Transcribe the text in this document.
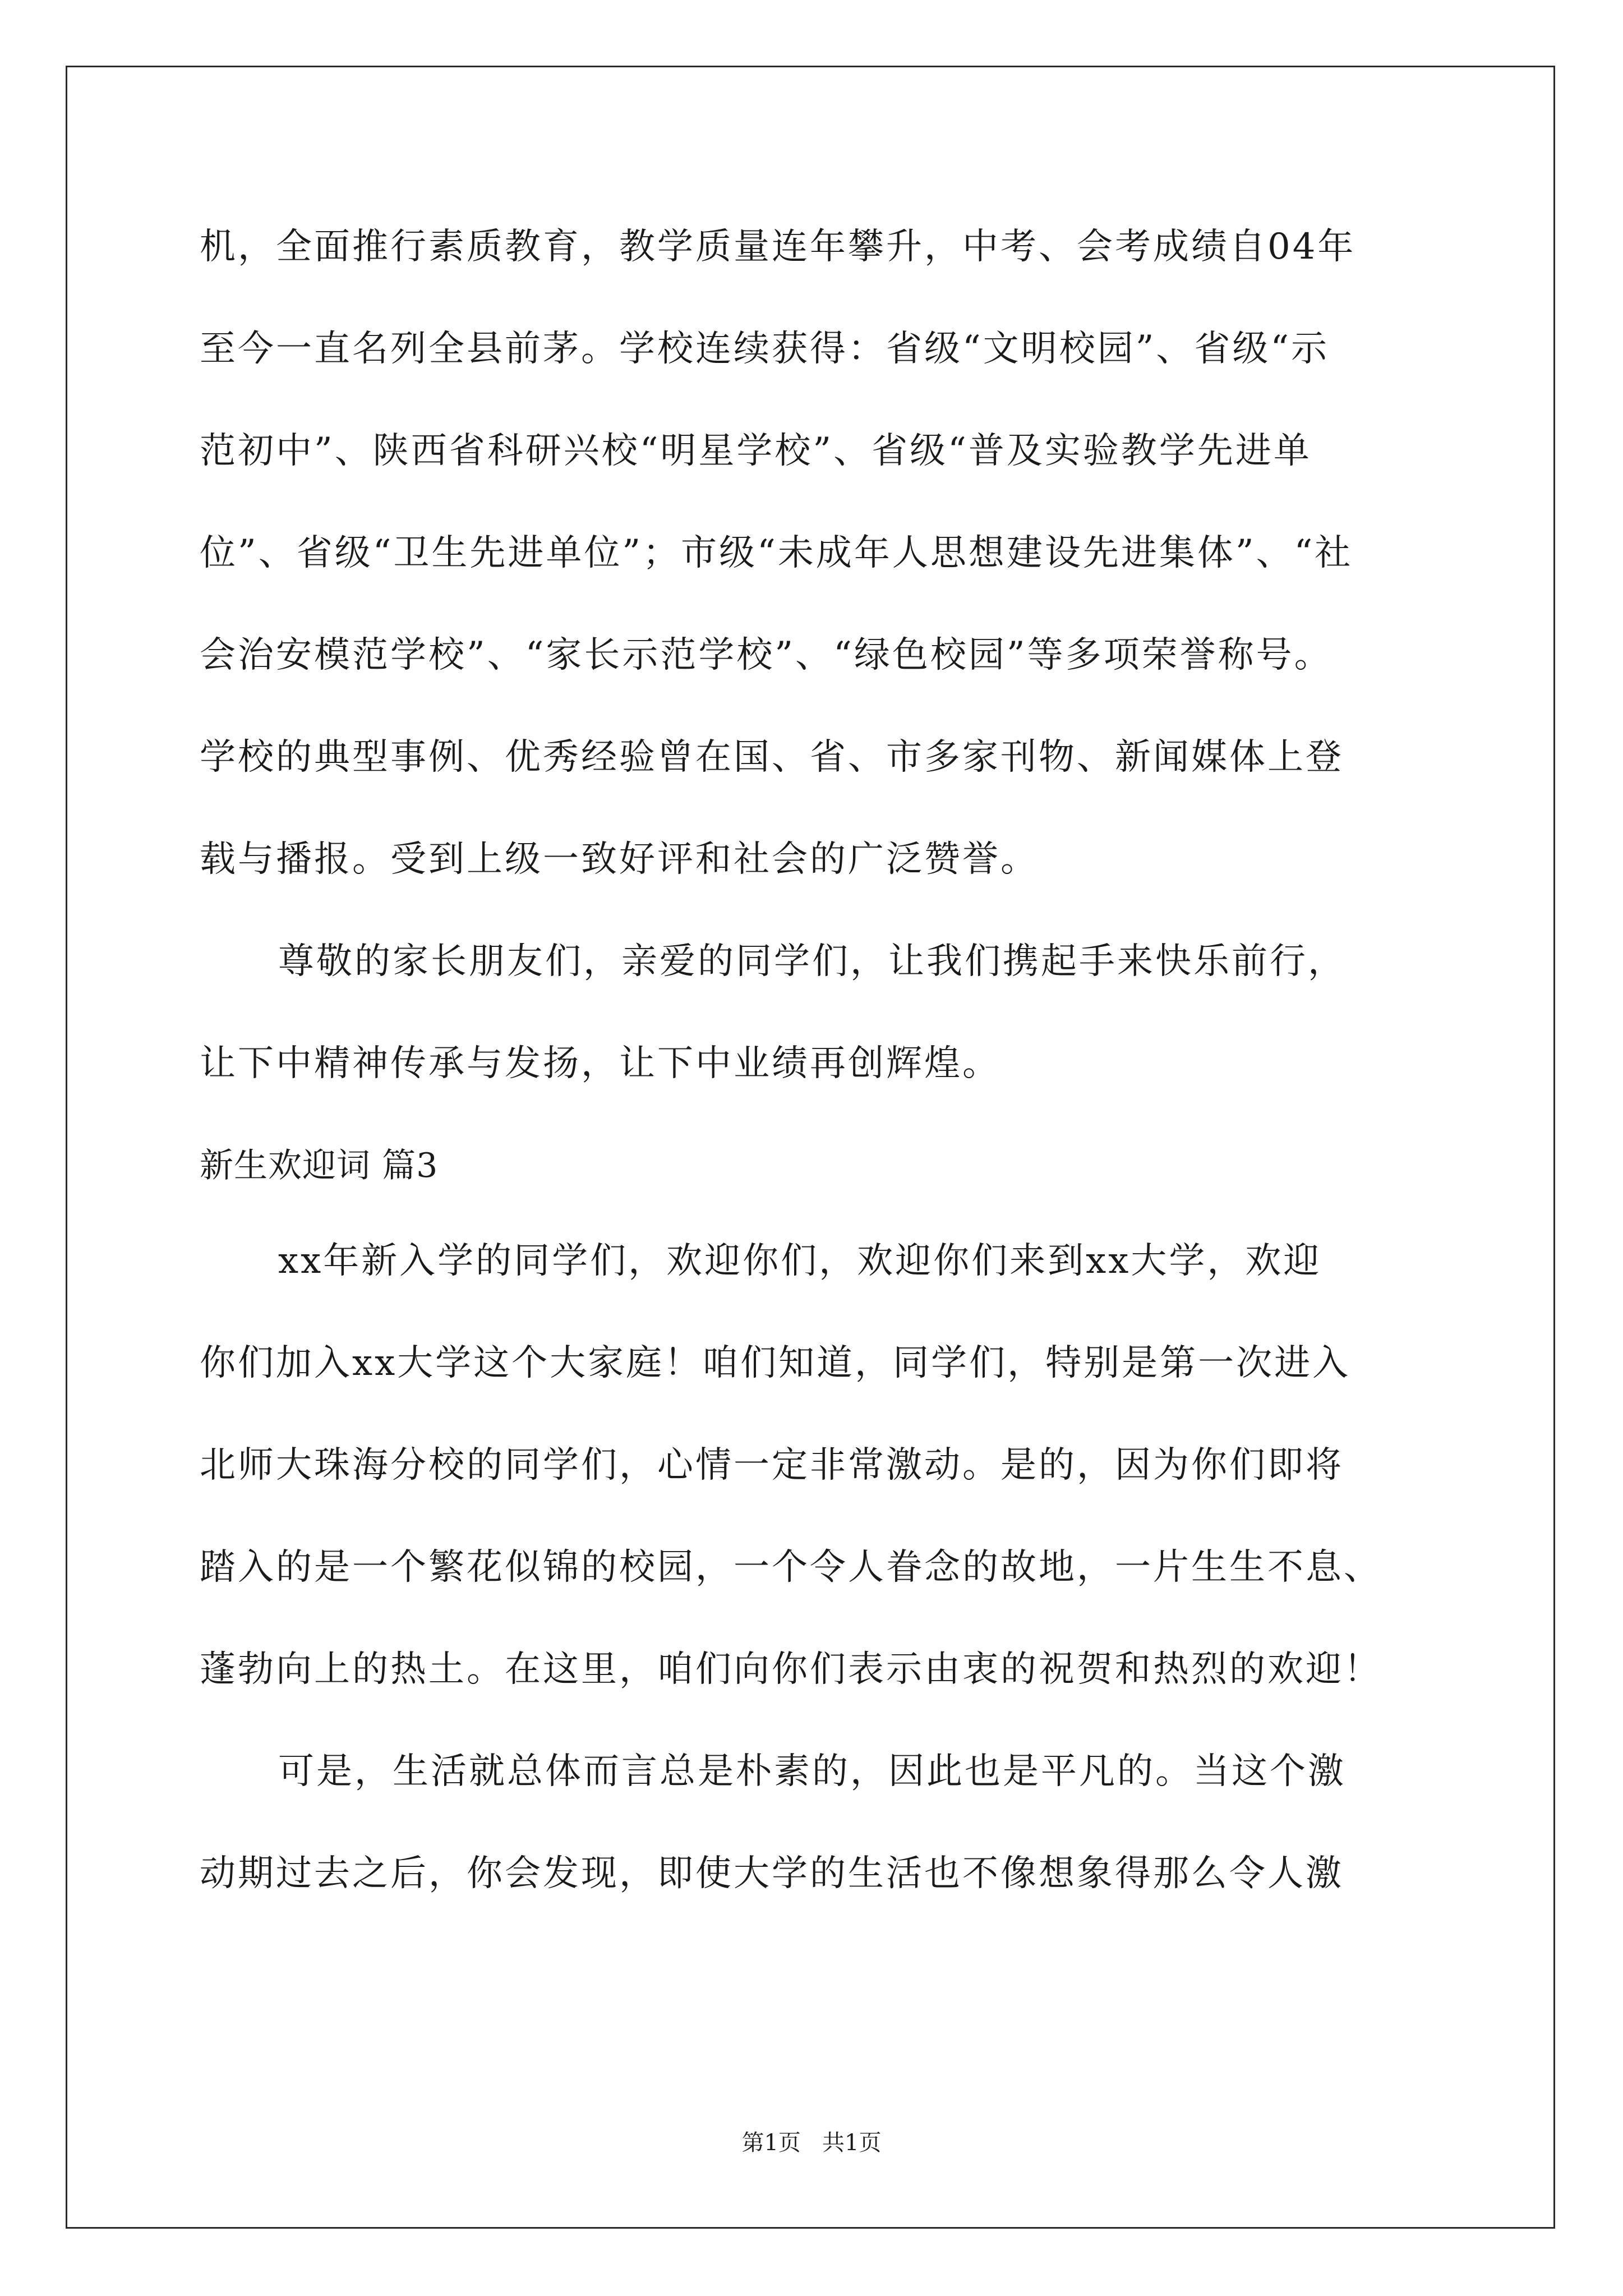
机，全面推行素质教育，教学质量连年攀升，中考、会考成绩自04年
至今一直名列全县前茅。学校连续获得：省级“文明校园”、省级“示
范初中”、陕西省科研兴校“明星学校”、省级“普及实验教学先进单
位”、省级“卫生先进单位”；市级“未成年人思想建设先进集体”、“社
会治安模范学校”、“家长示范学校”、“绿色校园”等多项荣誉称号。
学校的典型事例、优秀经验曾在国、省、市多家刊物、新闻媒体上登
载与播报。受到上级一致好评和社会的广泛赞誉。
尊敬的家长朋友们，亲爱的同学们，让我们携起手来快乐前行，
让下中精神传承与发扬，让下中业绩再创辉煌。
新生欢迎词 篇3
xx年新入学的同学们，欢迎你们，欢迎你们来到xx大学，欢迎
你们加入xx大学这个大家庭！咱们知道，同学们，特别是第一次进入
北师大珠海分校的同学们，心情一定非常激动。是的，因为你们即将
踏入的是一个繁花似锦的校园，一个令人眷念的故地，一片生生不息、
蓬勃向上的热土。在这里，咱们向你们表示由衷的祝贺和热烈的欢迎！
可是，生活就总体而言总是朴素的，因此也是平凡的。当这个激
动期过去之后，你会发现，即使大学的生活也不像想象得那么令人激
第1页   共1页
